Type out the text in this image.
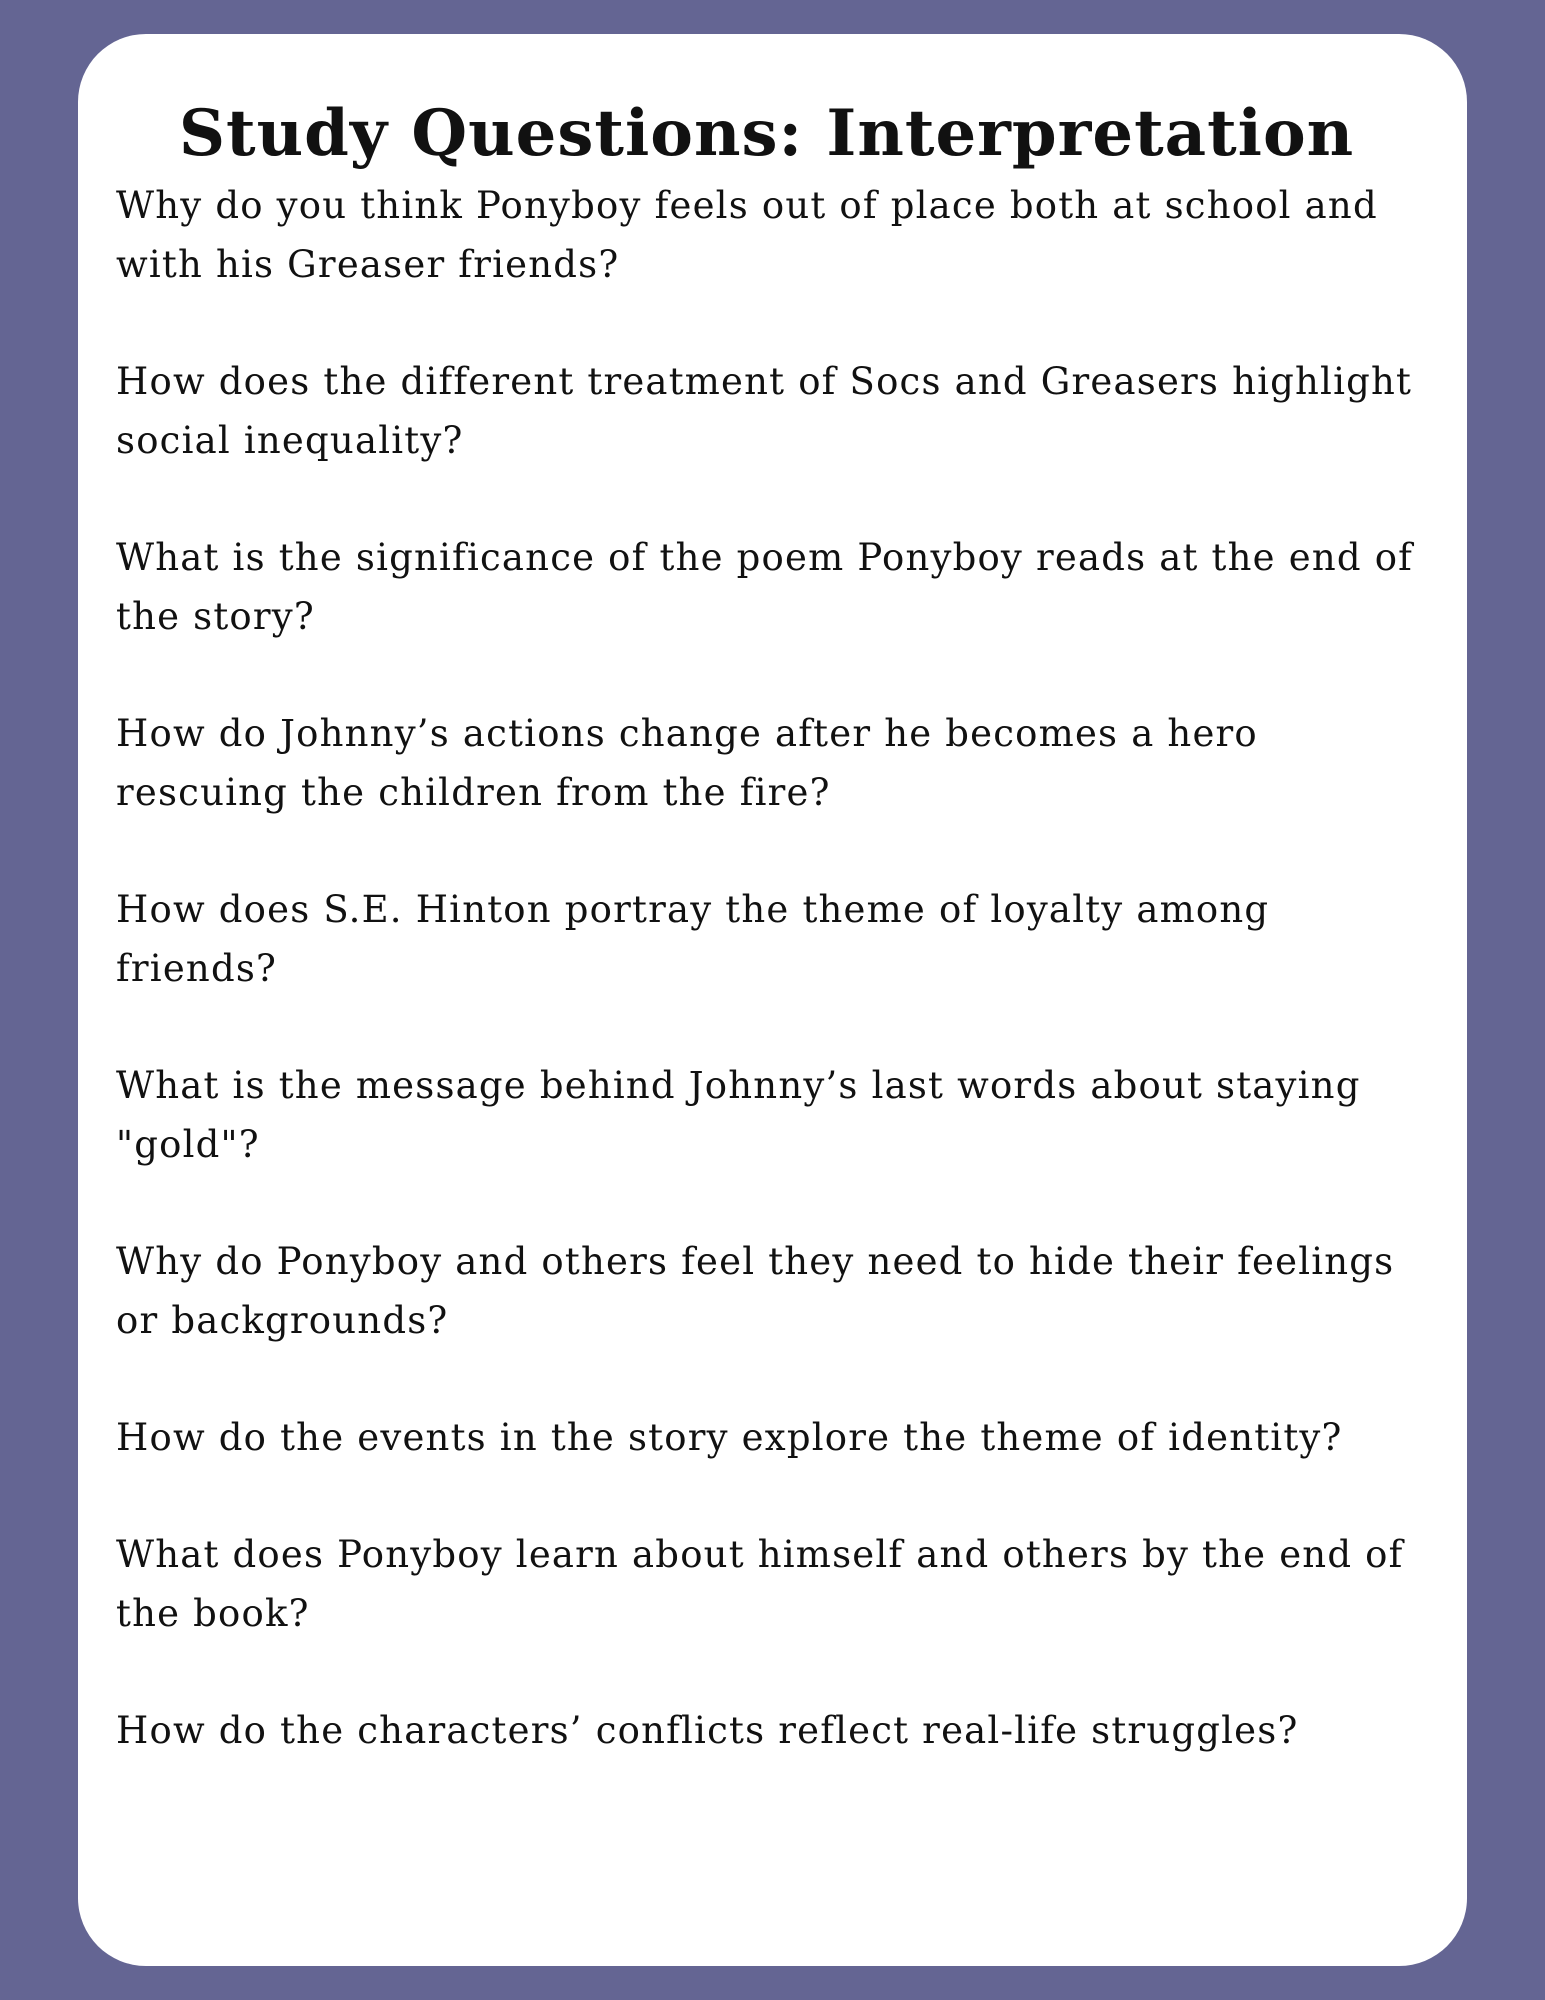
Study Questions: Interpretation
Why do you think Ponyboy feels out of place both at school and with his Greaser friends?
How does the different treatment of Socs and Greasers highlight social inequality?
What is the significance of the poem Ponyboy reads at the end of the story?
How do Johnny’s actions change after he becomes a hero rescuing the children from the fire?
How does S.E. Hinton portray the theme of loyalty among friends?
What is the message behind Johnny’s last words about staying "gold"?
Why do Ponyboy and others feel they need to hide their feelings or backgrounds?
How do the events in the story explore the theme of identity?
What does Ponyboy learn about himself and others by the end of the book?
How do the characters’ conflicts reflect real-life struggles?
